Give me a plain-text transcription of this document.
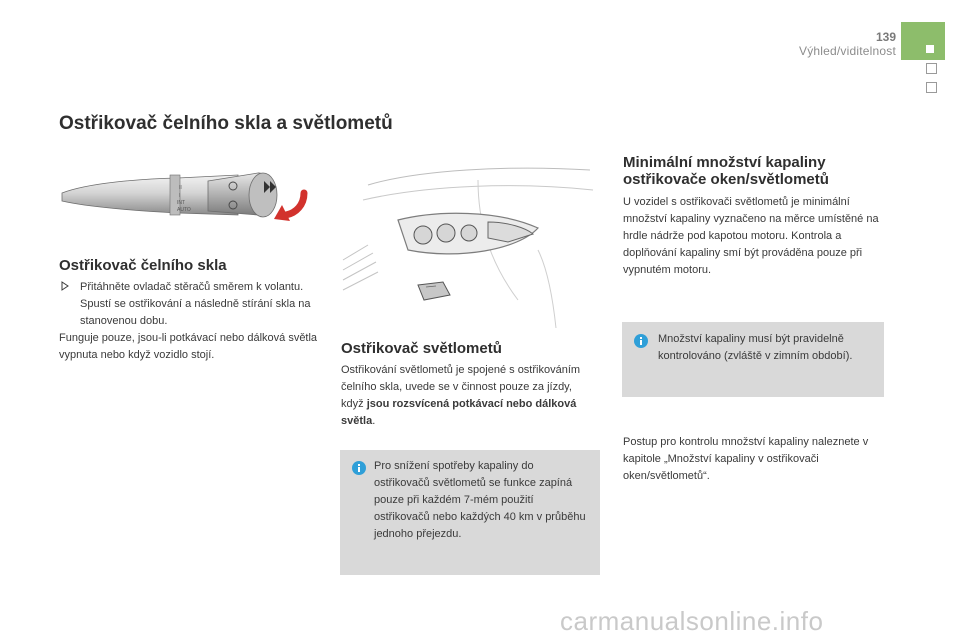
139
Výhled/viditelnost
Ostřikovač čelního skla a světlometů
II
I
INT
AUTO
Ostřikovač čelního skla
Přitáhněte ovladač stěračů směrem k volantu. Spustí se ostřikování a následně stírání skla na stanovenou dobu.
Funguje pouze, jsou-li potkávací nebo dálková světla vypnuta nebo když vozidlo stojí.	Ostřikovač světlometů
Ostřikování světlometů je spojené s ostřikováním čelního skla, uvede se v činnost pouze za jízdy, když jsou rozsvícená potkávací nebo dálková světla.
Pro snížení spotřeby kapaliny do ostřikovačů světlometů se funkce zapíná pouze při každém 7-mém použití ostřikovačů nebo každých 40 km v průběhu jednoho přejezdu.
Minimální množství kapaliny ostřikovače oken/světlometů
U vozidel s ostřikovači světlometů je minimální množství kapaliny vyznačeno na měrce umístěné na hrdle nádrže pod kapotou motoru. Kontrola a doplňování kapaliny smí být prováděna pouze při vypnutém motoru.
Množství kapaliny musí být pravidelně kontrolováno (zvláště v zimním období).
Postup pro kontrolu množství kapaliny naleznete v kapitole „Množství kapaliny v ostřikovači oken/světlometů“.
carmanualsonline.info
